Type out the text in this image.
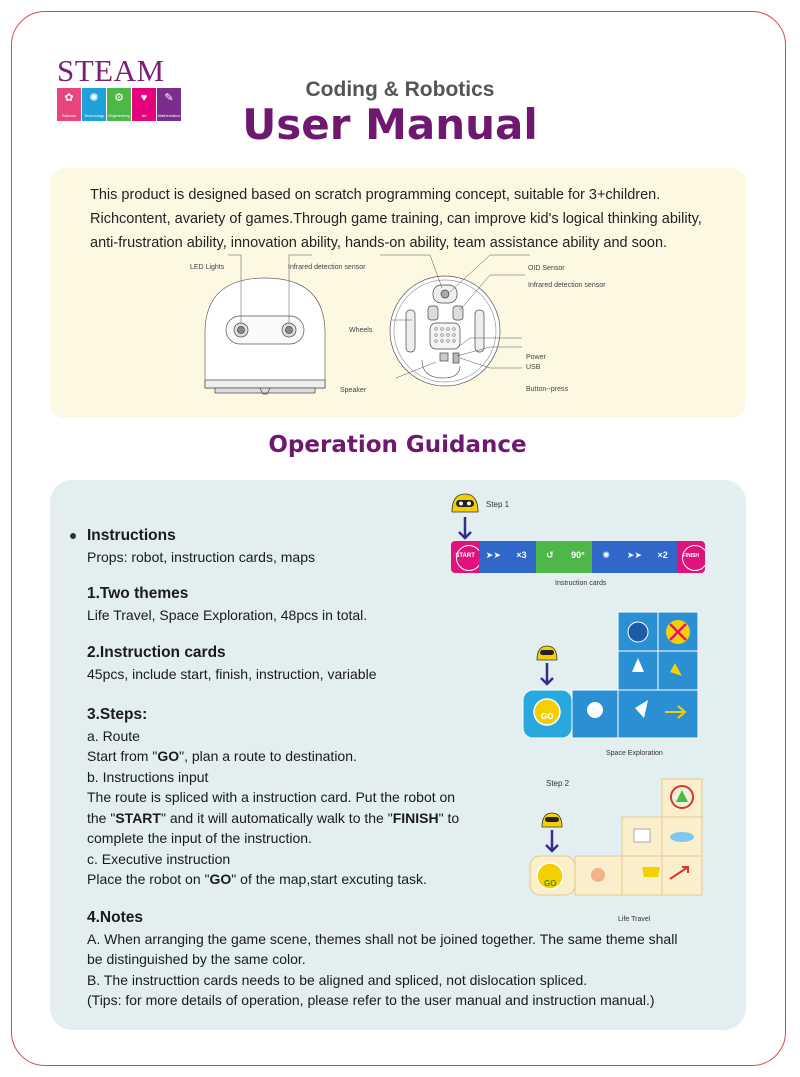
STEAM
✿
Science
✺
Technology
⚙
Engineering
♥
Art
✎
Mathematics
Coding & Robotics
User Manual
This product is designed based on scratch programming concept, suitable for 3+children.
Richcontent, avariety of games.Through game training, can improve kid's logical thinking ability,
anti-frustration ability, innovation ability, hands-on ability, team assistance ability and soon.
LED Lights	Infrared detection sensor	OID Sensor
Infrared detection sensor
Wheels
Power
USB
Speaker	Button--press
Operation Guidance
Instructions
Props: robot, instruction cards, maps
1.Two themes
Life Travel, Space Exploration, 48pcs in total.
2.Instruction cards
45pcs, include start, finish, instruction, variable
3.Steps:
a. Route
Start from "GO", plan a route to destination.
b. Instructions input
The route is spliced with a instruction card. Put the robot on
the "START" and it will automatically walk to the "FINISH" to
complete the input of the instruction.
c. Executive instruction
Place the robot on "GO" of the map,start excuting task.
4.Notes
A. When arranging the game scene, themes shall not be joined together. The same theme shall
be distinguished by the same color.
B. The instructtion cards needs to be aligned and spliced, not dislocation spliced.
(Tips: for more details of operation, please refer to the user manual and instruction manual.)
Step 1
START	➤➤	×3	↺	90°	✺	➤➤	×2	FINISH
Instruction cards
GO
Space Exploration
Step 2
GO
Life Travel
